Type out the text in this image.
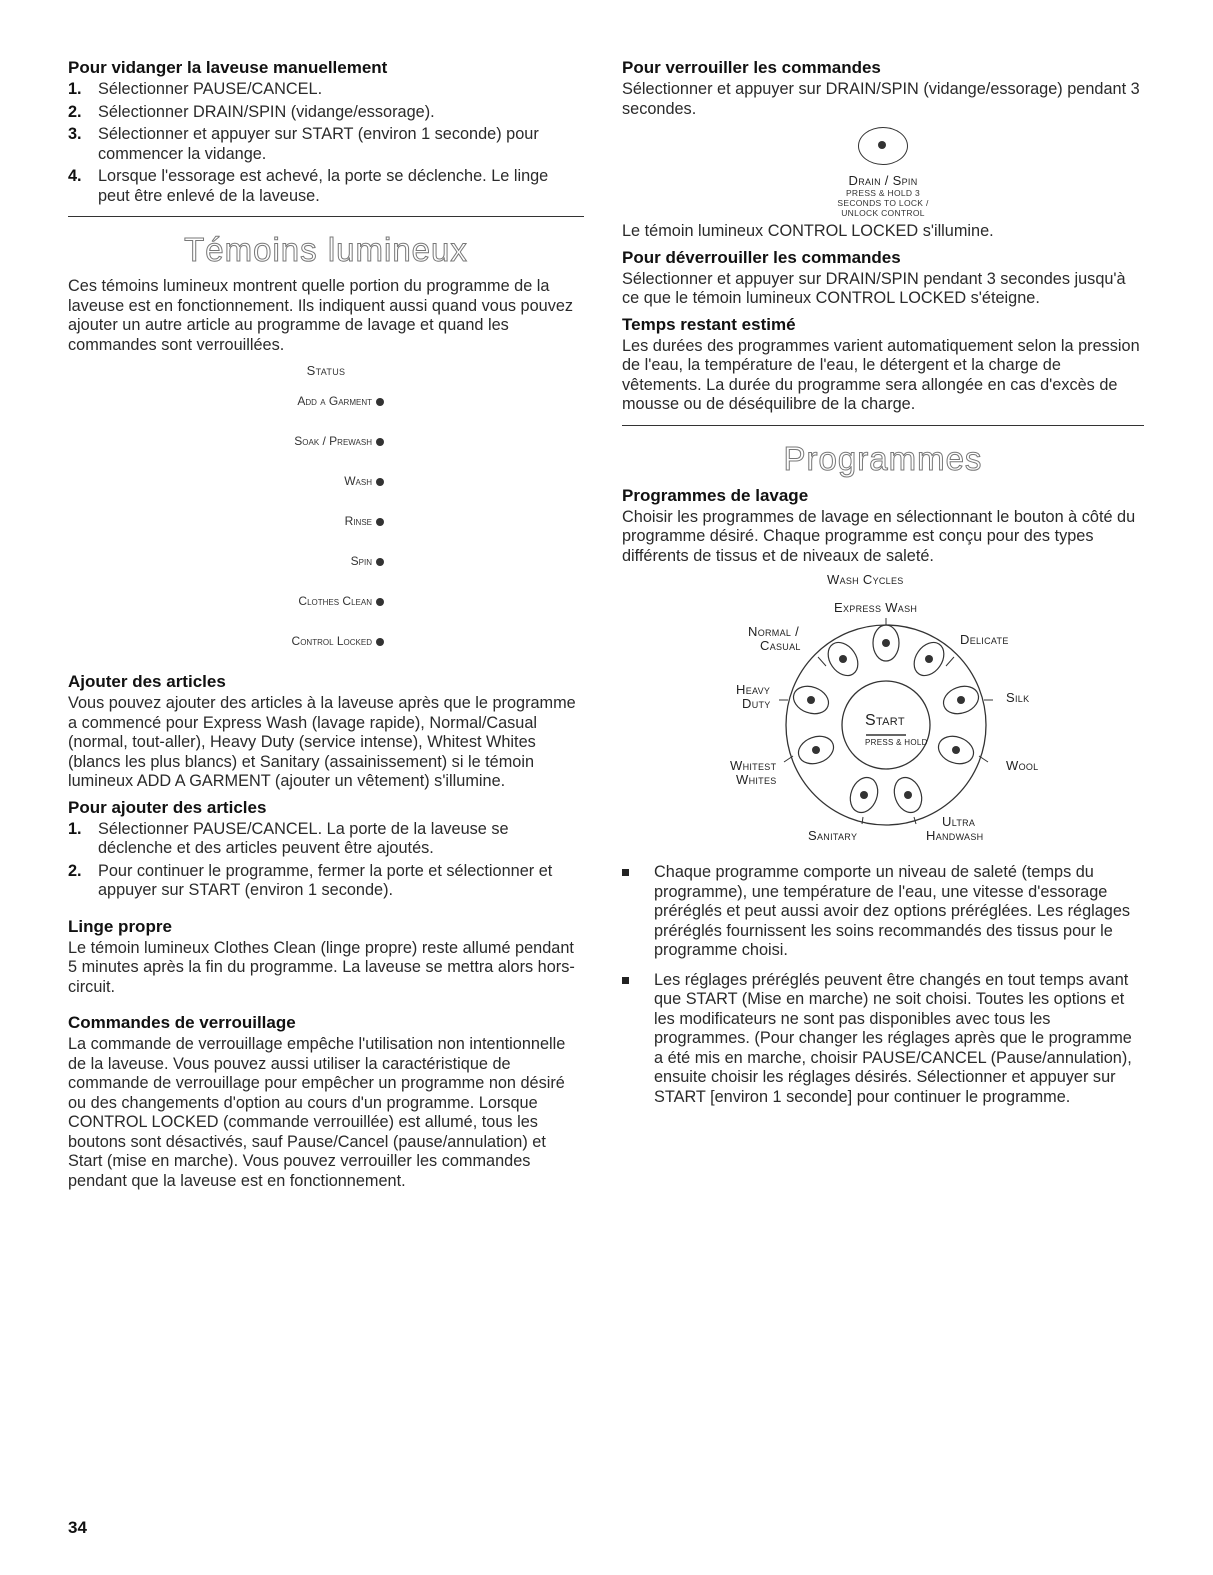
Pour vidanger la laveuse manuellement
1. Sélectionner PAUSE/CANCEL.
2. Sélectionner DRAIN/SPIN (vidange/essorage).
3. Sélectionner et appuyer sur START (environ 1 seconde) pour commencer la vidange.
4. Lorsque l'essorage est achevé, la porte se déclenche. Le linge peut être enlevé de la laveuse.
Témoins lumineux

Ces témoins lumineux montrent quelle portion du programme de la laveuse est en fonctionnement. Ils indiquent aussi quand vous pouvez ajouter un autre article au programme de lavage et quand les commandes sont verrouillées.

Status
Add a Garment
Soak / Prewash
Wash
Rinse
Spin
Clothes Clean
Control Locked
Ajouter des articles

Vous pouvez ajouter des articles à la laveuse après que le programme a commencé pour Express Wash (lavage rapide), Normal/Casual (normal, tout-aller), Heavy Duty (service intense), Whitest Whites (blancs les plus blancs) et Sanitary (assainissement) si le témoin lumineux ADD A GARMENT (ajouter un vêtement) s'illumine.

Pour ajouter des articles
1. Sélectionner PAUSE/CANCEL. La porte de la laveuse se déclenche et des articles peuvent être ajoutés.
2. Pour continuer le programme, fermer la porte et sélectionner et appuyer sur START (environ 1 seconde).
Linge propre

Le témoin lumineux Clothes Clean (linge propre) reste allumé pendant 5 minutes après la fin du programme. La laveuse se mettra alors hors-circuit.

Commandes de verrouillage

La commande de verrouillage empêche l'utilisation non intentionnelle de la laveuse. Vous pouvez aussi utiliser la caractéristique de commande de verrouillage pour empêcher un programme non désiré ou des changements d'option au cours d'un programme. Lorsque CONTROL LOCKED (commande verrouillée) est allumé, tous les boutons sont désactivés, sauf Pause/Cancel (pause/annulation) et Start (mise en marche). Vous pouvez verrouiller les commandes pendant que la laveuse est en fonctionnement.

Pour verrouiller les commandes

Sélectionner et appuyer sur DRAIN/SPIN (vidange/essorage) pendant 3 secondes.

Drain / Spin
PRESS & HOLD 3
SECONDS TO LOCK /
UNLOCK CONTROL

Le témoin lumineux CONTROL LOCKED s'illumine.

Pour déverrouiller les commandes

Sélectionner et appuyer sur DRAIN/SPIN pendant 3 secondes jusqu'à ce que le témoin lumineux CONTROL LOCKED s'éteigne.

Temps restant estimé

Les durées des programmes varient automatiquement selon la pression de l'eau, la température de l'eau, le détergent et la charge de vêtements. La durée du programme sera allongée en cas d'excès de mousse ou de déséquilibre de la charge.

Programmes
Programmes de lavage

Choisir les programmes de lavage en sélectionnant le bouton à côté du programme désiré. Chaque programme est conçu pour des types différents de tissus et de niveaux de saleté.

Wash Cycles
Express Wash
Normal /
Casual	Delicate
Heavy
Duty	Silk
Start
PRESS & HOLD
Whitest
Whites
Wool
Sanitary
Ultra
Handwash
Chaque programme comporte un niveau de saleté (temps du programme), une température de l'eau, une vitesse d'essorage préréglés et peut aussi avoir dez options préréglées. Les réglages préréglés fournissent les soins recommandés des tissus pour le programme choisi.
Les réglages préréglés peuvent être changés en tout temps avant que START (Mise en marche) ne soit choisi. Toutes les options et les modificateurs ne sont pas disponibles avec tous les programmes. (Pour changer les réglages après que le programme a été mis en marche, choisir PAUSE/CANCEL (Pause/annulation), ensuite choisir les réglages désirés. Sélectionner et appuyer sur START [environ 1 seconde] pour continuer le programme.
34
